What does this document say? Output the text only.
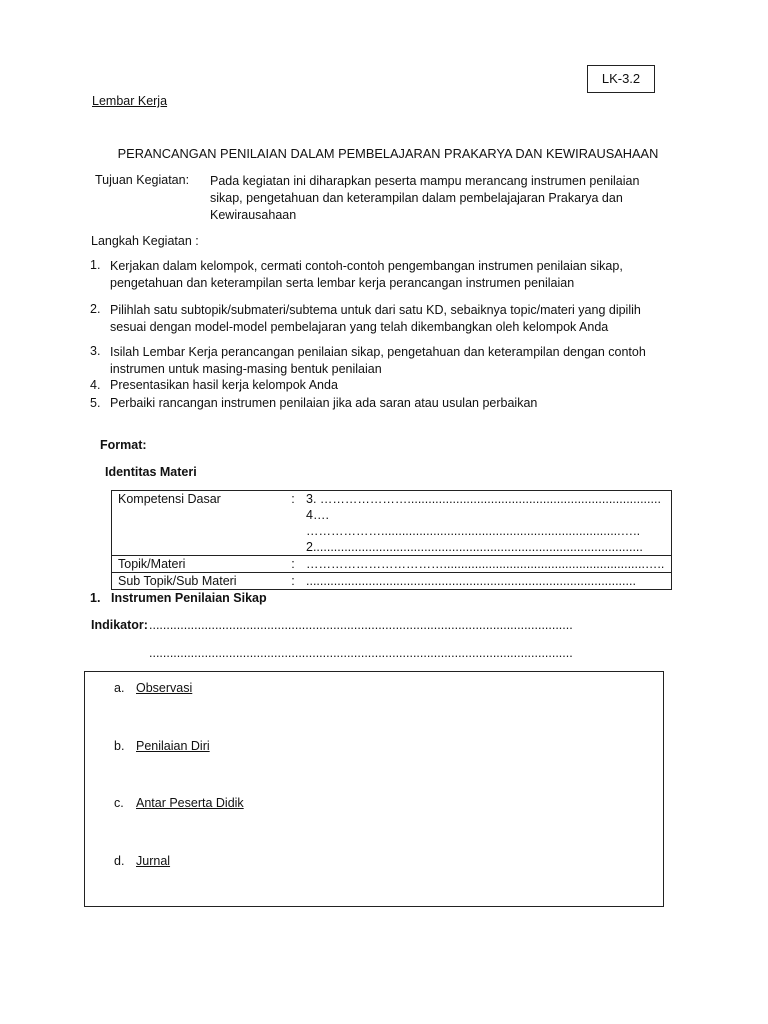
LK-3.2
Lembar Kerja
PERANCANGAN PENILAIAN DALAM PEMBELAJARAN PRAKARYA DAN KEWIRAUSAHAAN
Tujuan Kegiatan: Pada kegiatan ini diharapkan peserta mampu merancang instrumen penilaian
sikap, pengetahuan dan keterampilan dalam pembelajajaran Prakarya dan
Kewirausahaan
Langkah Kegiatan :
1. Kerjakan dalam kelompok, cermati contoh-contoh pengembangan instrumen penilaian sikap,
pengetahuan dan keterampilan serta lembar kerja perancangan instrumen penilaian
2. Pilihlah satu subtopik/submateri/subtema untuk dari satu KD, sebaiknya topic/materi yang dipilih
sesuai dengan model-model pembelajaran yang telah dikembangkan oleh kelompok Anda
3. Isilah Lembar Kerja perancangan penilaian sikap, pengetahuan dan keterampilan dengan contoh
instrumen untuk masing-masing bentuk penilaian
4. Presentasikan hasil kerja kelompok Anda
5. Perbaiki rancangan instrumen penilaian jika ada saran atau usulan perbaikan
Format:
Identitas Materi
Kompetensi Dasar	:	3. ………………….........................................................................
4…. ……………….....................................................................…..
2...............................................................................................

Topik/Materi	:	……………………………..........................................................…..
Sub Topik/Sub Materi	:	...............................................................................................
1. Instrumen Penilaian Sikap
Indikator: ..........................................................................................................................
..........................................................................................................................
a. Observasi
b. Penilaian Diri
c. Antar Peserta Didik
d. Jurnal
